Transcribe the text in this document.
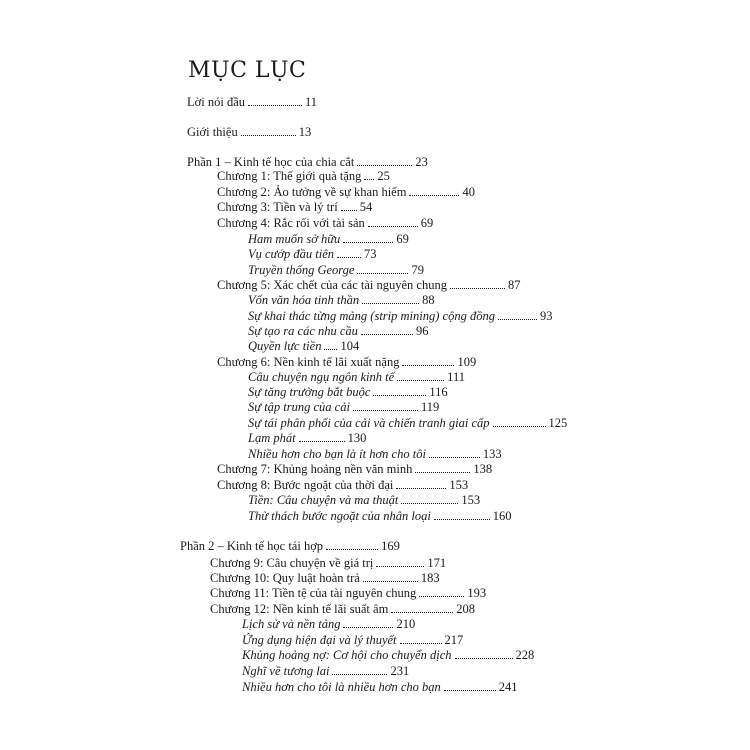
MỤC LỤC
Lời nói đầu	11
Giới thiệu	13
Phần 1 – Kinh tế học của chia cắt	23
Chương 1: Thế giới quà tặng 25
Chương 2: Ảo tưởng về sự khan hiếm	40
Chương 3: Tiền và lý trí 54
Chương 4: Rắc rối với tài sản	69
Ham muốn sở hữu	69
Vụ cướp đầu tiên 73
Truyền thống George	79
Chương 5: Xác chết của các tài nguyên chung	87
Vốn văn hóa tinh thần	88
Sự khai thác từng mảng (strip mining) cộng đồng	93
Sự tạo ra các nhu cầu	96
Quyền lực tiền 104
Chương 6: Nền kinh tế lãi xuất nặng	109
Câu chuyện ngụ ngôn kinh tế	111
Sự tăng trưởng bắt buộc	116
Sự tập trung của cải	119
Sự tái phân phối của cải và chiến tranh giai cấp	125
Lạm phát	130
Nhiều hơn cho bạn là ít hơn cho tôi	133
Chương 7: Khủng hoảng nền văn minh	138
Chương 8: Bước ngoặt của thời đại	153
Tiền: Câu chuyện và ma thuật	153
Thử thách bước ngoặt của nhân loại	160
Phần 2 – Kinh tế học tái hợp	169
Chương 9: Câu chuyện về giá trị	171
Chương 10: Quy luật hoàn trả	183
Chương 11: Tiền tệ của tài nguyên chung	193
Chương 12: Nền kinh tế lãi suất âm	208
Lịch sử và nền tảng	210
Ứng dụng hiện đại và lý thuyết	217
Khủng hoảng nợ: Cơ hội cho chuyển dịch	228
Nghĩ về tương lai	231
Nhiều hơn cho tôi là nhiều hơn cho bạn	241
